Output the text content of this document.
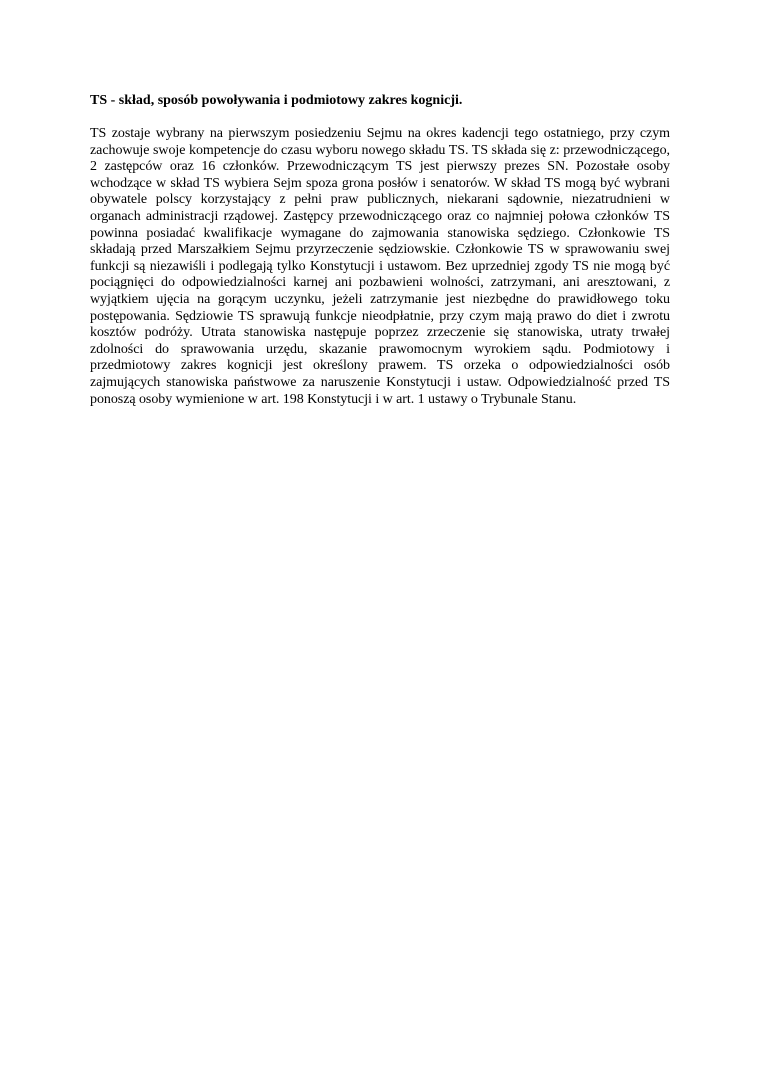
TS - skład, sposób powoływania i podmiotowy zakres kognicji.

TS zostaje wybrany na pierwszym posiedzeniu Sejmu na okres kadencji tego ostatniego, przy czym zachowuje swoje kompetencje do czasu wyboru nowego składu TS. TS składa się z: przewodniczącego, 2 zastępców oraz 16 członków. Przewodniczącym TS jest pierwszy prezes SN. Pozostałe osoby wchodzące w skład TS wybiera Sejm spoza grona posłów i senatorów. W skład TS mogą być wybrani obywatele polscy korzystający z pełni praw publicznych, niekarani sądownie, niezatrudnieni w organach administracji rządowej. Zastępcy przewodniczącego oraz co najmniej połowa członków TS powinna posiadać kwalifikacje wymagane do zajmowania stanowiska sędziego. Członkowie TS składają przed Marszałkiem Sejmu przyrzeczenie sędziowskie. Członkowie TS w sprawowaniu swej funkcji są niezawiśli i podlegają tylko Konstytucji i ustawom. Bez uprzedniej zgody TS nie mogą być pociągnięci do odpowiedzialności karnej ani pozbawieni wolności, zatrzymani, ani aresztowani, z wyjątkiem ujęcia na gorącym uczynku, jeżeli zatrzymanie jest niezbędne do prawidłowego toku postępowania. Sędziowie TS sprawują funkcje nieodpłatnie, przy czym mają prawo do diet i zwrotu kosztów podróży. Utrata stanowiska następuje poprzez zrzeczenie się stanowiska, utraty trwałej zdolności do sprawowania urzędu, skazanie prawomocnym wyrokiem sądu. Podmiotowy i przedmiotowy zakres kognicji jest określony prawem. TS orzeka o odpowiedzialności osób zajmujących stanowiska państwowe za naruszenie Konstytucji i ustaw. Odpowiedzialność przed TS ponoszą osoby wymienione w art. 198 Konstytucji i w art. 1 ustawy o Trybunale Stanu.
